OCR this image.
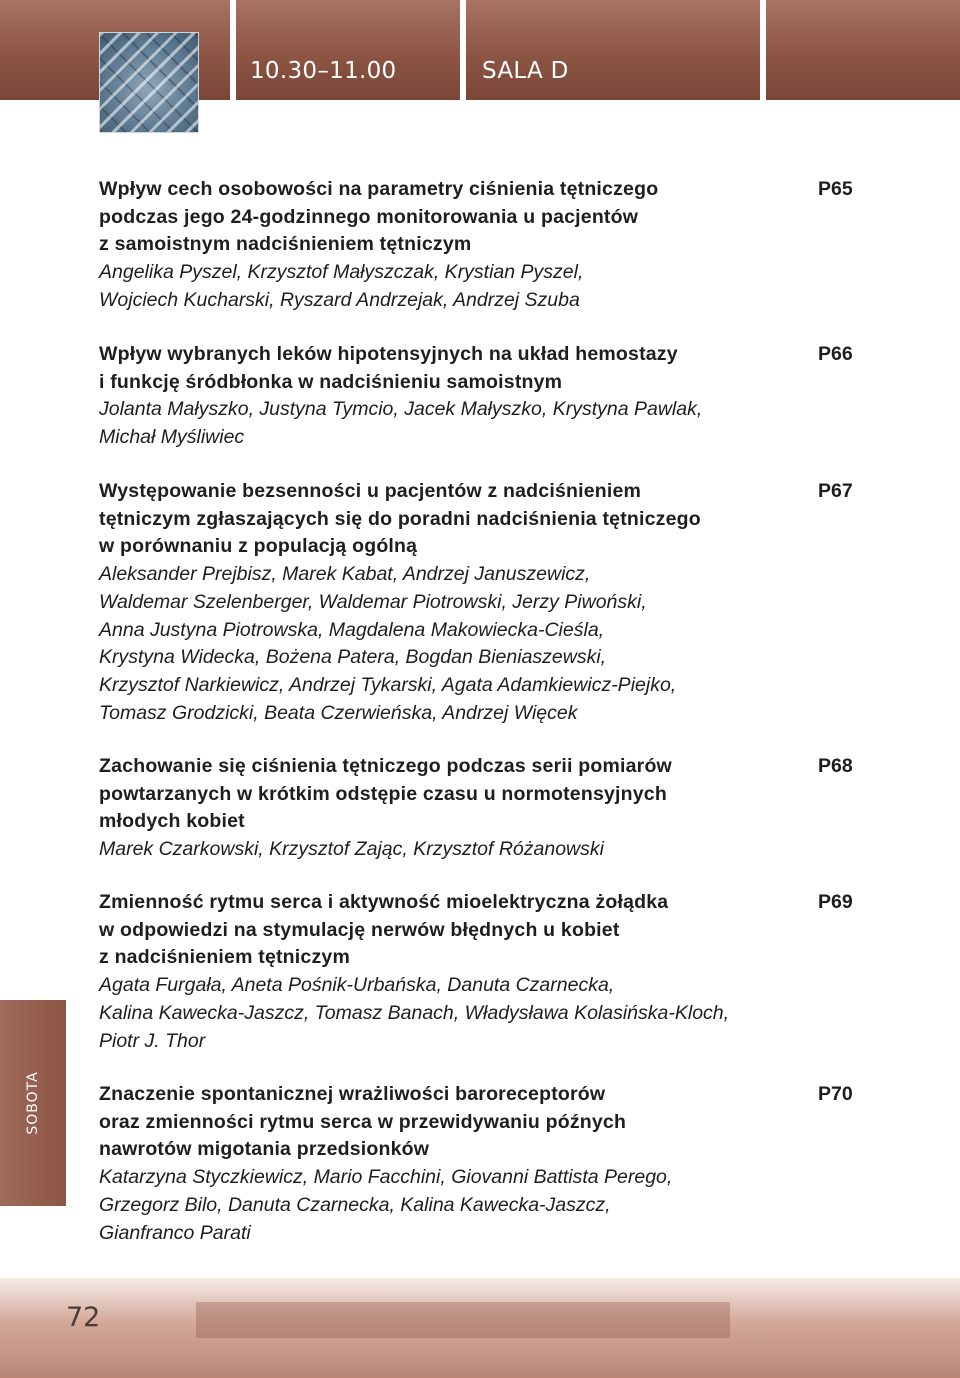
10.30–11.00	SALA D
Wpływ cech osobowości na parametry ciśnienia tętniczego
podczas jego 24-godzinnego monitorowania u pacjentów
z samoistnym nadciśnieniem tętniczym
Angelika Pyszel, Krzysztof Małyszczak, Krystian Pyszel,
Wojciech Kucharski, Ryszard Andrzejak, Andrzej Szuba
P65
Wpływ wybranych leków hipotensyjnych na układ hemostazy
i funkcję śródbłonka w nadciśnieniu samoistnym
Jolanta Małyszko, Justyna Tymcio, Jacek Małyszko, Krystyna Pawlak,
Michał Myśliwiec
P66
Występowanie bezsenności u pacjentów z nadciśnieniem
tętniczym zgłaszających się do poradni nadciśnienia tętniczego
w porównaniu z populacją ogólną
Aleksander Prejbisz, Marek Kabat, Andrzej Januszewicz,
Waldemar Szelenberger, Waldemar Piotrowski, Jerzy Piwoński,
Anna Justyna Piotrowska, Magdalena Makowiecka-Cieśla,
Krystyna Widecka, Bożena Patera, Bogdan Bieniaszewski,
Krzysztof Narkiewicz, Andrzej Tykarski, Agata Adamkiewicz-Piejko,
Tomasz Grodzicki, Beata Czerwieńska, Andrzej Więcek
P67
Zachowanie się ciśnienia tętniczego podczas serii pomiarów
powtarzanych w krótkim odstępie czasu u normotensyjnych
młodych kobiet
Marek Czarkowski, Krzysztof Zając, Krzysztof Różanowski
P68
Zmienność rytmu serca i aktywność mioelektryczna żołądka
w odpowiedzi na stymulację nerwów błędnych u kobiet
z nadciśnieniem tętniczym
Agata Furgała, Aneta Pośnik-Urbańska, Danuta Czarnecka,
Kalina Kawecka-Jaszcz, Tomasz Banach, Władysława Kolasińska-Kloch,
Piotr J. Thor
P69
Znaczenie spontanicznej wrażliwości baroreceptorów
oraz zmienności rytmu serca w przewidywaniu późnych
nawrotów migotania przedsionków
Katarzyna Styczkiewicz, Mario Facchini, Giovanni Battista Perego,
Grzegorz Bilo, Danuta Czarnecka, Kalina Kawecka-Jaszcz,
Gianfranco Parati
P70
SOBOTA
72
